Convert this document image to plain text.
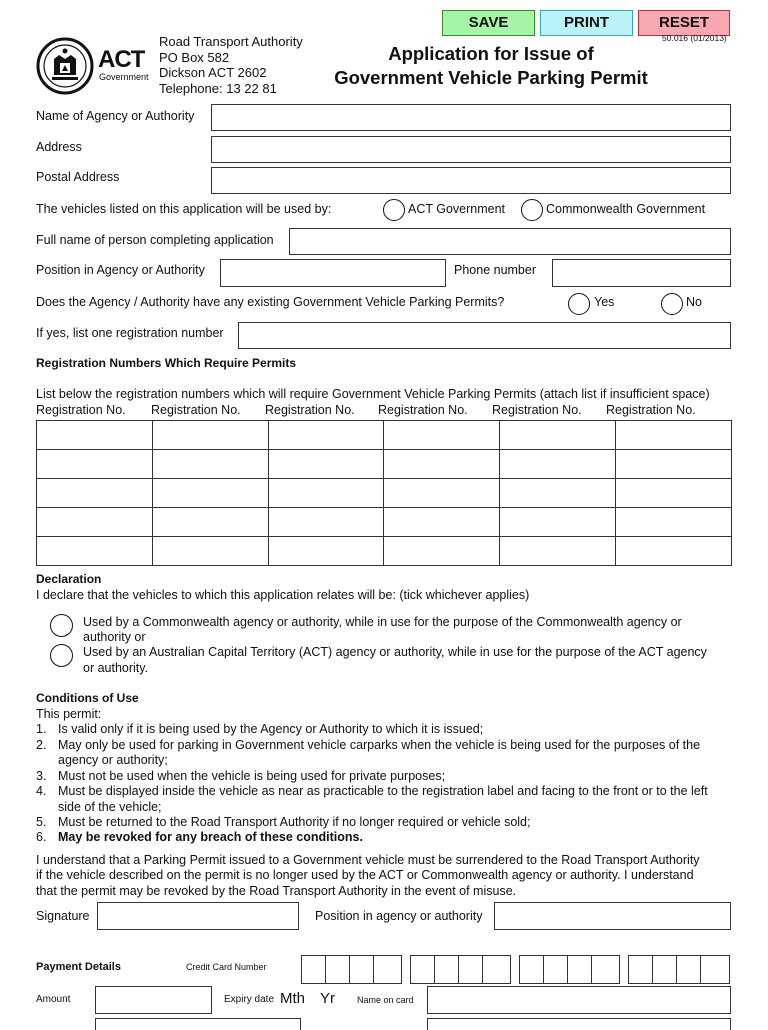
SAVE	PRINT	RESET
50.016 (01/2013)
ACT
Government
Road Transport Authority
PO Box 582
Dickson ACT 2602
Telephone: 13 22 81
Application for Issue of
Government Vehicle Parking Permit
Name of Agency or Authority
Address
Postal Address
The vehicles listed on this application will be used by:	ACT Government	Commonwealth Government
Full name of person completing application
Position in Agency or Authority	Phone number
Does the Agency / Authority have any existing Government Vehicle Parking Permits?	Yes	No
If yes, list one registration number
Registration Numbers Which Require Permits
List below the registration numbers which will require Government Vehicle Parking Permits (attach list if insufficient space)
Registration No. Registration No. Registration No. Registration No. Registration No. Registration No.

Declaration
I declare that the vehicles to which this application relates will be: (tick whichever applies)
Used by a Commonwealth agency or authority, while in use for the purpose of the Commonwealth agency or
authority or
Used by an Australian Capital Territory (ACT) agency or authority, while in use for the purpose of the ACT agency
or authority.
Conditions of Use
This permit:
1. Is valid only if it is being used by the Agency or Authority to which it is issued;
2. May only be used for parking in Government vehicle carparks when the vehicle is being used for the purposes of the
agency or authority;
3. Must not be used when the vehicle is being used for private purposes;
4. Must be displayed inside the vehicle as near as practicable to the registration label and facing to the front or to the left
side of the vehicle;
5. Must be returned to the Road Transport Authority if no longer required or vehicle sold;
6. May be revoked for any breach of these conditions.
I understand that a Parking Permit issued to a Government vehicle must be surrendered to the Road Transport Authority
if the vehicle described on the permit is no longer used by the ACT or Commonwealth agency or authority. I understand
that the permit may be revoked by the Road Transport Authority in the event of misuse.
Signature	Position in agency or authority
Payment Details	Credit Card Number
Amount	Expiry date Mth Yr Name on card
